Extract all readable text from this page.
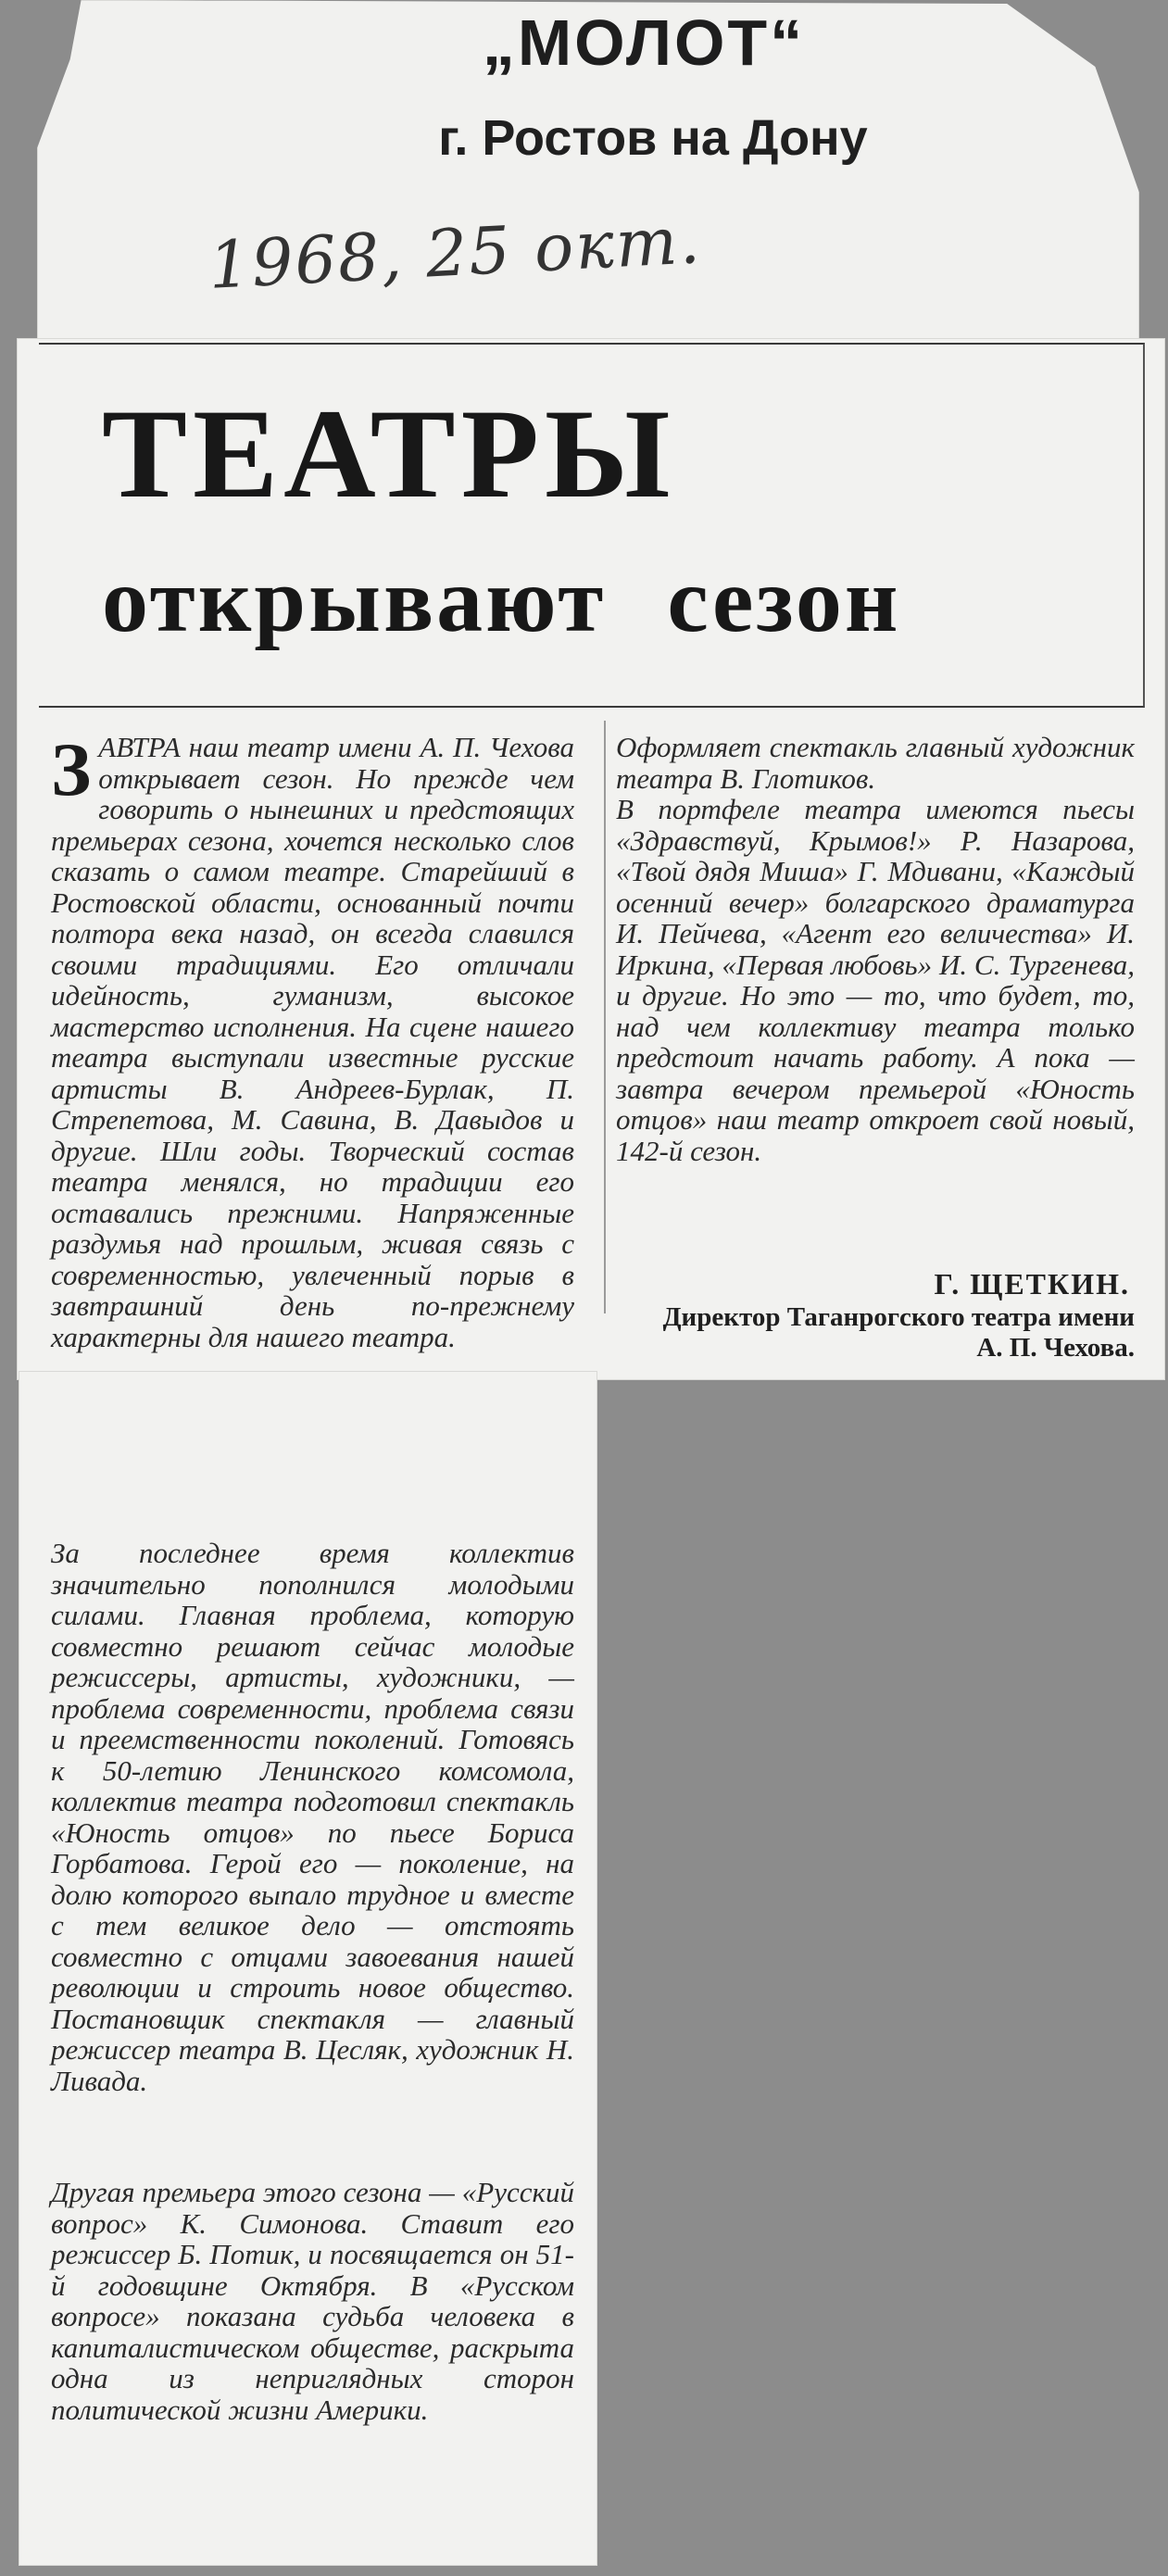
„МОЛОТ“
г. Ростов на Дону
1968, 25 окт.
ТЕАТРЫ
открывают сезон
ЗАВТРА наш театр имени А. П. Чехова открывает сезон. Но прежде чем говорить о нынешних и предстоящих премьерах сезона, хочется несколько слов сказать о самом театре. Старейший в Ростовской области, основанный почти полтора века назад, он всегда славился своими традициями. Его отличали идейность, гуманизм, высокое мастерство исполнения. На сцене нашего театра выступали известные русские артисты В. Андреев-Бурлак, П. Стрепетова, М. Савина, В. Давыдов и другие. Шли годы. Творческий состав театра менялся, но традиции его оставались прежними. Напряженные раздумья над прошлым, живая связь с современностью, увлеченный порыв в завтрашний день по-прежнему характерны для нашего театра.
За последнее время коллектив значительно пополнился молодыми силами. Главная проблема, которую совместно решают сейчас молодые режиссеры, артисты, художники, — проблема современности, проблема связи и преемственности поколений. Готовясь к 50-летию Ленинского комсомола, коллектив театра подготовил спектакль «Юность отцов» по пьесе Бориса Горбатова. Герой его — поколение, на долю которого выпало трудное и вместе с тем великое дело — отстоять совместно с отцами завоевания нашей революции и строить новое общество. Постановщик спектакля — главный режиссер театра В. Цесляк, художник Н. Ливада.
Другая премьера этого сезона — «Русский вопрос» К. Симонова. Ставит его режиссер Б. Потик, и посвящается он 51-й годовщине Октября. В «Русском вопросе» показана судьба человека в капиталистическом обществе, раскрыта одна из неприглядных сторон политической жизни Америки.
Оформляет спектакль главный художник театра В. Глотиков.
В портфеле театра имеются пьесы «Здравствуй, Крымов!» Р. Назарова, «Твой дядя Миша» Г. Мдивани, «Каждый осенний вечер» болгарского драматурга И. Пейчева, «Агент его величества» И. Иркина, «Первая любовь» И. С. Тургенева, и другие. Но это — то, что будет, то, над чем коллективу театра только предстоит начать работу. А пока — завтра вечером премьерой «Юность отцов» наш театр откроет свой новый, 142-й сезон.
Г. ЩЕТКИН.
Директор Таганрогского театра имени А. П. Чехова.
